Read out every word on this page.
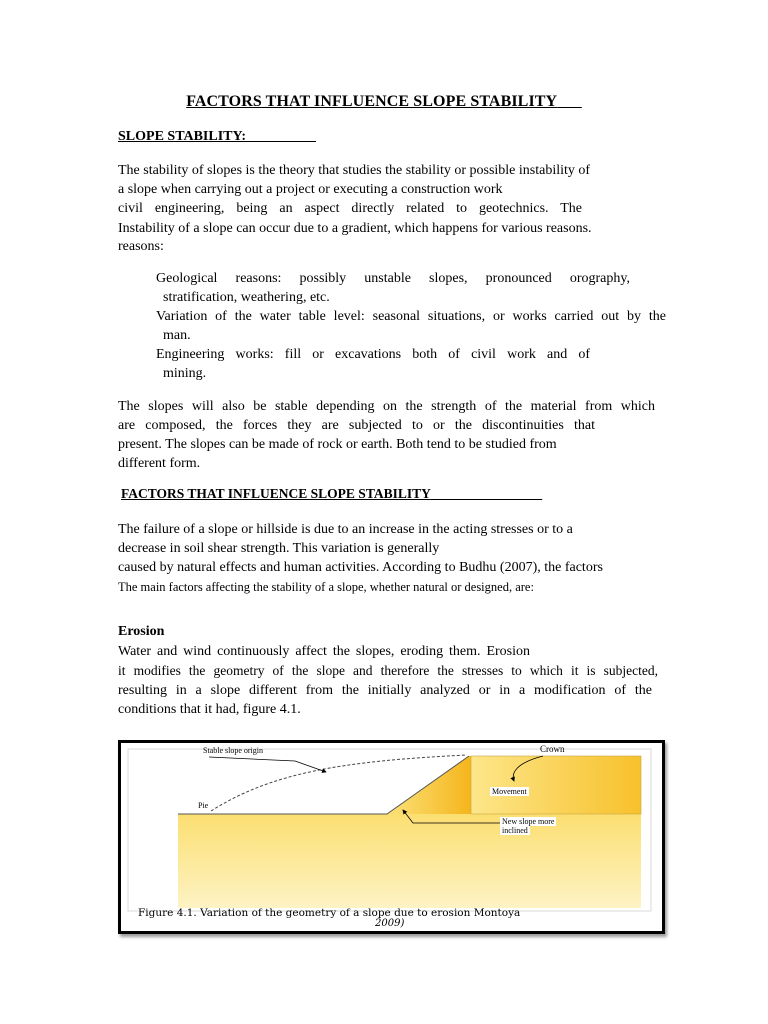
FACTORS THAT INFLUENCE SLOPE STABILITY
SLOPE STABILITY:
The stability of slopes is the theory that studies the stability or possible instability of
a slope when carrying out a project or executing a construction work
civil engineering, being an aspect directly related to geotechnics. The
Instability of a slope can occur due to a gradient, which happens for various reasons.
reasons:
Geological reasons: possibly unstable slopes, pronounced orography,
stratification, weathering, etc.
Variation of the water table level: seasonal situations, or works carried out by the
man.
Engineering works: fill or excavations both of civil work and of
mining.
The slopes will also be stable depending on the strength of the material from which
are composed, the forces they are subjected to or the discontinuities that
present. The slopes can be made of rock or earth. Both tend to be studied from
different form.
FACTORS THAT INFLUENCE SLOPE STABILITY
The failure of a slope or hillside is due to an increase in the acting stresses or to a
decrease in soil shear strength. This variation is generally
caused by natural effects and human activities. According to Budhu (2007), the factors
The main factors affecting the stability of a slope, whether natural or designed, are:
Erosion
Water and wind continuously affect the slopes, eroding them. Erosion
it modifies the geometry of the slope and therefore the stresses to which it is subjected,
resulting in a slope different from the initially analyzed or in a modification of the
conditions that it had, figure 4.1.
Stable slope origin	Crown
Pie
Movement
New slope more
inclined
Figure 4.1. Variation of the geometry of a slope due to erosion Montoya
2009)
